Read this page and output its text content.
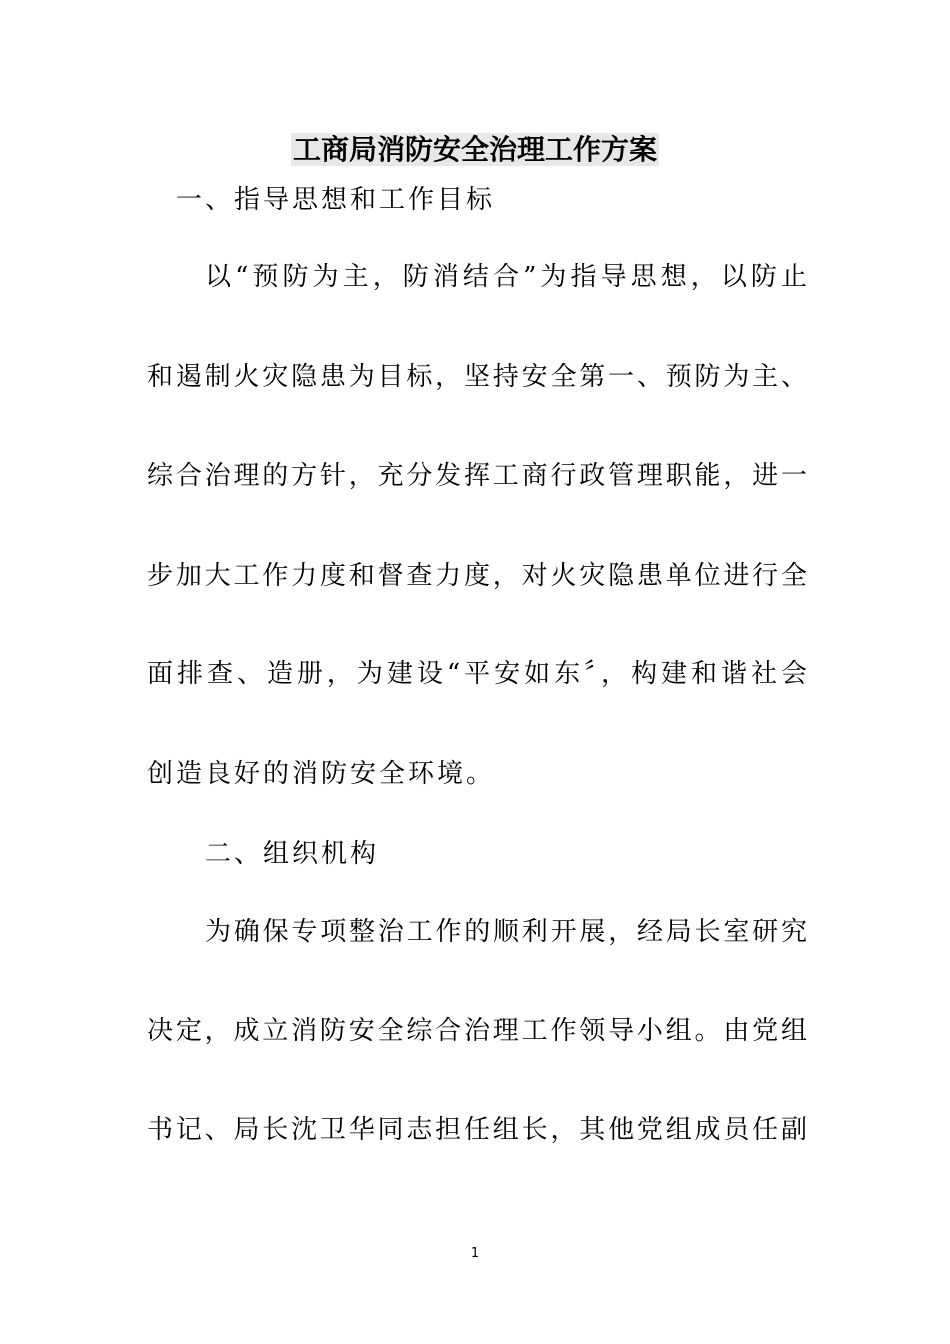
工商局消防安全治理工作方案
一、指导思想和工作目标
以“预防为主，防消结合”为指导思想，以防止
和遏制火灾隐患为目标，坚持安全第一、预防为主、
综合治理的方针，充分发挥工商行政管理职能，进一
步加大工作力度和督查力度，对火灾隐患单位进行全
面排查、造册，为建设“平安如东〞，构建和谐社会
创造良好的消防安全环境。
二、组织机构
为确保专项整治工作的顺利开展，经局长室研究
决定，成立消防安全综合治理工作领导小组。由党组
书记、局长沈卫华同志担任组长，其他党组成员任副
1
